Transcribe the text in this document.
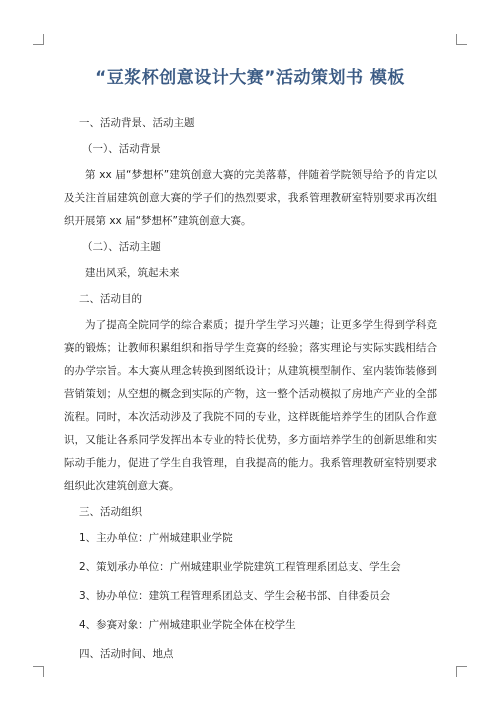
“豆浆杯创意设计大赛”活动策划书 模板

一、活动背景、活动主题

（一）、活动背景

第 xx 届“梦想杯”建筑创意大赛的完美落幕，伴随着学院领导给予的肯定以及关注首届建筑创意大赛的学子们的热烈要求，我系管理教研室特别要求再次组织开展第 xx 届“梦想杯”建筑创意大赛。

（二）、活动主题

建出风采，筑起未来

二、活动目的

为了提高全院同学的综合素质；提升学生学习兴趣；让更多学生得到学科竞赛的锻炼；让教师积累组织和指导学生竞赛的经验；落实理论与实际实践相结合的办学宗旨。本大赛从理念转换到图纸设计；从建筑模型制作、室内装饰装修到营销策划；从空想的概念到实际的产物，这一整个活动模拟了房地产产业的全部流程。同时，本次活动涉及了我院不同的专业，这样既能培养学生的团队合作意识，又能让各系同学发挥出本专业的特长优势，多方面培养学生的创新思维和实际动手能力，促进了学生自我管理，自我提高的能力。我系管理教研室特别要求组织此次建筑创意大赛。

三、活动组织

1、主办单位：广州城建职业学院

2、策划承办单位：广州城建职业学院建筑工程管理系团总支、学生会

3、协办单位：建筑工程管理系团总支、学生会秘书部、自律委员会

4、参赛对象：广州城建职业学院全体在校学生

四、活动时间、地点
